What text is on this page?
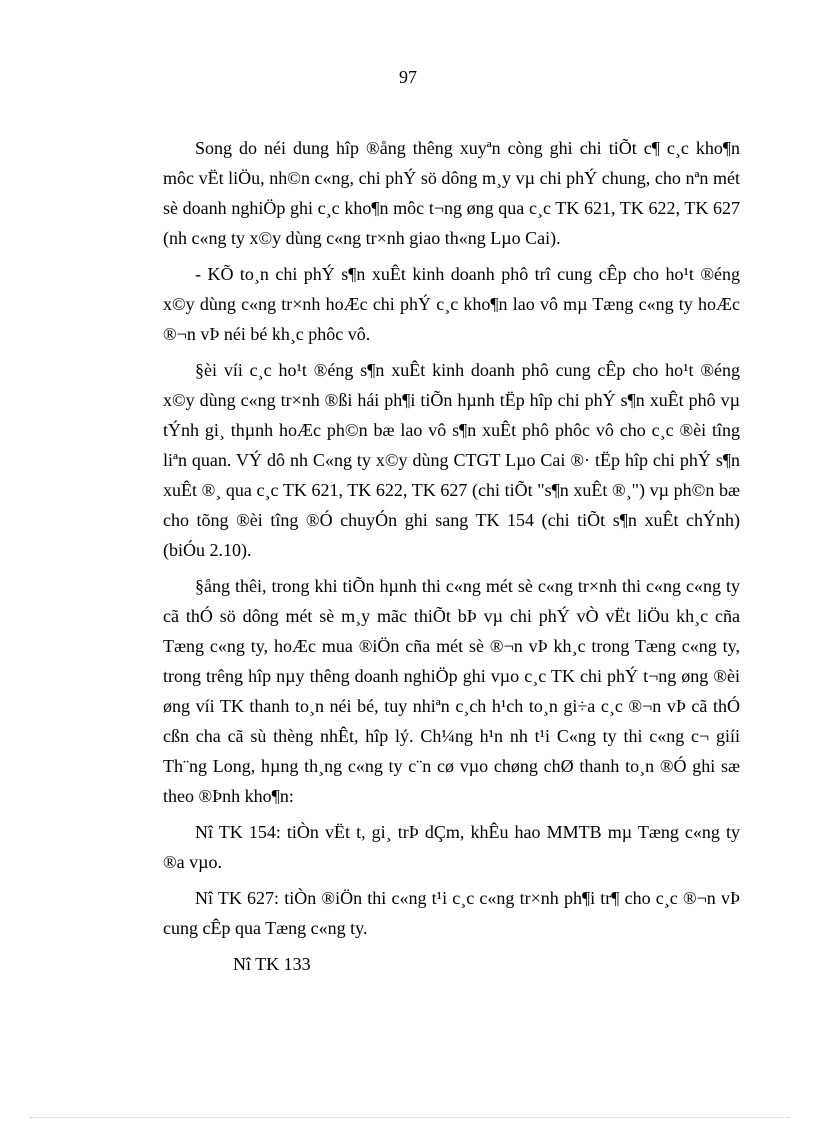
97

Song do néi dung hîp ®ång thêng xuyªn còng ghi chi tiÕt c¶ c¸c kho¶n môc vËt liÖu, nh©n c«ng, chi phÝ sö dông m¸y vµ chi phÝ chung, cho nªn mét sè doanh nghiÖp ghi c¸c kho¶n môc t¬ng øng qua c¸c TK 621, TK 622, TK 627 (nh c«ng ty x©y dùng c«ng tr×nh giao th«ng Lµo Cai).

- KÕ to¸n chi phÝ s¶n xuÊt kinh doanh phô trî cung cÊp cho ho¹t ®éng x©y dùng c«ng tr×nh hoÆc chi phÝ c¸c kho¶n lao vô mµ Tæng c«ng ty hoÆc ®¬n vÞ néi bé kh¸c phôc vô.

§èi víi c¸c ho¹t ®éng s¶n xuÊt kinh doanh phô cung cÊp cho ho¹t ®éng x©y dùng c«ng tr×nh ®ßi hái ph¶i tiÕn hµnh tËp hîp chi phÝ s¶n xuÊt phô vµ tÝnh gi¸ thµnh hoÆc ph©n bæ lao vô s¶n xuÊt phô phôc vô cho c¸c ®èi tîng liªn quan. VÝ dô nh C«ng ty x©y dùng CTGT Lµo Cai ®· tËp hîp chi phÝ s¶n xuÊt ®¸ qua c¸c TK 621, TK 622, TK 627 (chi tiÕt "s¶n xuÊt ®¸") vµ ph©n bæ cho tõng ®èi tîng ®Ó chuyÓn ghi sang TK 154 (chi tiÕt s¶n xuÊt chÝnh) (biÓu 2.10).

§ång thêi, trong khi tiÕn hµnh thi c«ng mét sè c«ng tr×nh thi c«ng c«ng ty cã thÓ sö dông mét sè m¸y mãc thiÕt bÞ vµ chi phÝ vÒ vËt liÖu kh¸c cña Tæng c«ng ty, hoÆc mua ®iÖn cña mét sè ®¬n vÞ kh¸c trong Tæng c«ng ty, trong trêng hîp nµy thêng doanh nghiÖp ghi vµo c¸c TK chi phÝ t¬ng øng ®èi øng víi TK thanh to¸n néi bé, tuy nhiªn c¸ch h¹ch to¸n gi÷a c¸c ®¬n vÞ cã thÓ cßn cha cã sù thèng nhÊt, hîp lý. Ch¼ng h¹n nh t¹i C«ng ty thi c«ng c¬ giíi Th¨ng Long, hµng th¸ng c«ng ty c¨n cø vµo chøng chØ thanh to¸n ®Ó ghi sæ theo ®Þnh kho¶n:

Nî TK 154: tiÒn vËt t, gi¸ trÞ dÇm, khÊu hao MMTB mµ Tæng c«ng ty ®a vµo.

Nî TK 627: tiÒn ®iÖn thi c«ng t¹i c¸c c«ng tr×nh ph¶i tr¶ cho c¸c ®¬n vÞ cung cÊp qua Tæng c«ng ty.

Nî TK 133
